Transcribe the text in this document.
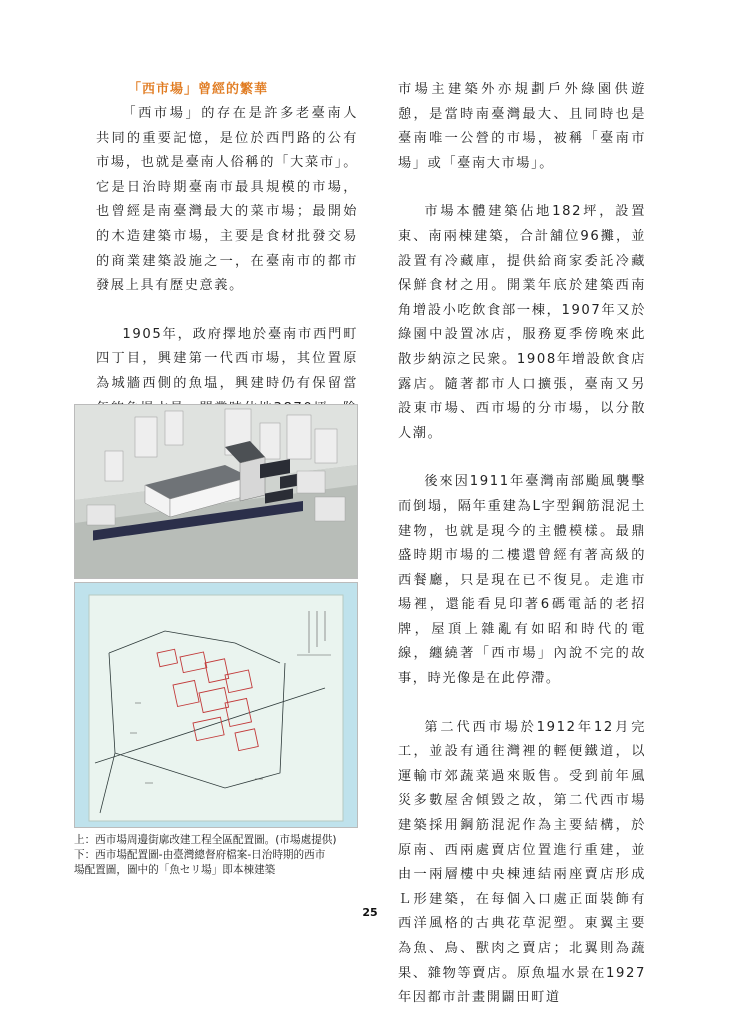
「西市場」曾經的繁華

「西市場」的存在是許多老臺南人共同的重要記憶，是位於西門路的公有市場，也就是臺南人俗稱的「大菜市」。它是日治時期臺南市最具規模的市場，也曾經是南臺灣最大的菜市場；最開始的木造建築市場，主要是食材批發交易的商業建築設施之一，在臺南市的都市發展上具有歷史意義。

1905年，政府擇地於臺南市西門町四丁目，興建第一代西市場，其位置原為城牆西側的魚塭，興建時仍有保留當

市場主建築外亦規劃戶外綠園供遊憩，是當時南臺灣最大、且同時也是臺南唯一公營的市場，被稱「臺南市場」或「臺南大市場」。

市場本體建築佔地182坪，設置東、南兩棟建築，合計舖位96攤，並設置有冷藏庫，提供給商家委託冷藏保鮮食材之用。開業年底於建築西南角增設小吃飲食部一棟，1907年又於綠園中設置冰店，服務夏季傍晚來此散步納涼之民衆。1908年增設飲食店露店。隨著都市人口擴張，臺南又另設東市場、西市場的分市場，以分散人潮。

後來因1911年臺灣南部颱風襲擊而倒塌，隔年重建為L字型鋼筋混泥土建物，也就是現今的主體模樣。最鼎盛時期市場的二樓還曾經有著高級的西餐廳，只是現在已不復見。走進市場裡，還能看見印著6碼電話的老招牌，屋頂上雜亂有如昭和時代的電線，纏繞著「西市場」內說不完的故事，時光像是在此停滯。

第二代西市場於1912年12月完工，並設有通往灣裡的輕便鐵道，以運輸市郊蔬菜過來販售。受到前年風災多數屋舍傾毀之故，第二代西市場建築採用鋼筋混泥作為主要結構，於原南、西兩處賣店位置進行重建，並由一兩層樓中央棟連結兩座賣店形成Ｌ形建築，在每個入口處正面裝飾有西洋風格的古典花草泥塑。東翼主要為魚、鳥、獸肉之賣店；北翼則為蔬果、雜物等賣店。原魚塭水景在1927年因都市計畫開闢田町道

上：西市場周邊街廓改建工程全區配置圖。(市場處提供)
下：西市場配置圖-由臺灣總督府檔案-日治時期的西市
場配置圖，圖中的「魚セリ場」即本棟建築
25
